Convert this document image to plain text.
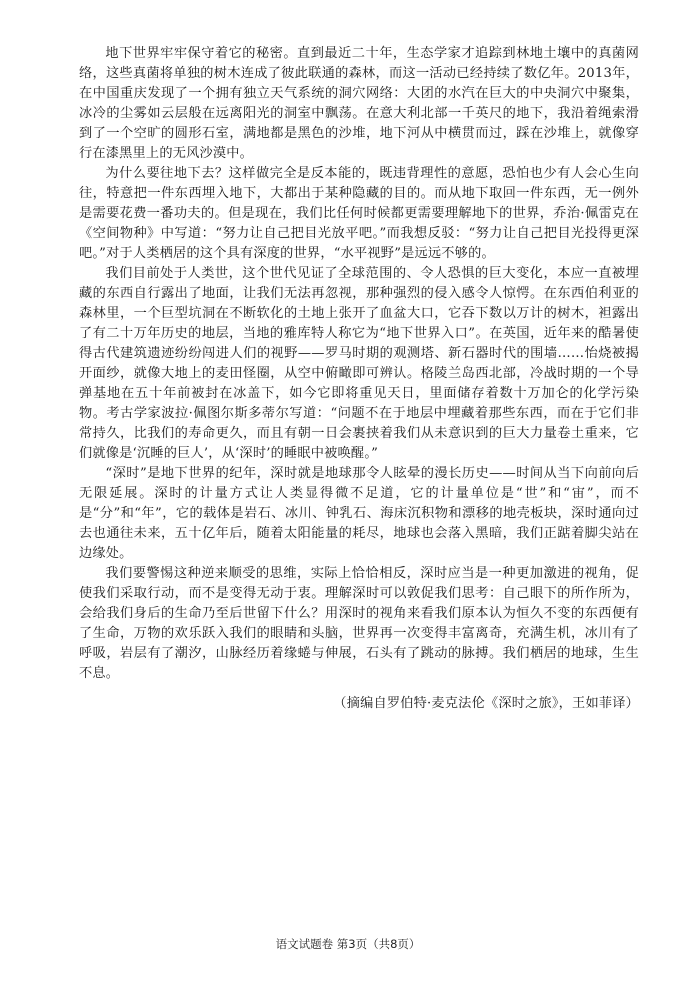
地下世界牢牢保守着它的秘密。直到最近二十年，生态学家才追踪到林地土壤中的真菌网络，这些真菌将单独的树木连成了彼此联通的森林，而这一活动已经持续了数亿年。2013年，在中国重庆发现了一个拥有独立天气系统的洞穴网络：大团的水汽在巨大的中央洞穴中聚集，冰冷的尘雾如云层般在远离阳光的洞室中飘荡。在意大利北部一千英尺的地下，我沿着绳索滑到了一个空旷的圆形石室，满地都是黑色的沙堆，地下河从中横贯而过，踩在沙堆上，就像穿行在漆黑里上的无风沙漠中。

为什么要往地下去？这样做完全是反本能的，既违背理性的意愿，恐怕也少有人会心生向往，特意把一件东西埋入地下，大都出于某种隐藏的目的。而从地下取回一件东西，无一例外是需要花费一番功夫的。但是现在，我们比任何时候都更需要理解地下的世界，乔治·佩雷克在《空间物种》中写道：“努力让自己把目光放平吧。”而我想反驳：“努力让自己把目光投得更深吧。”对于人类栖居的这个具有深度的世界，“水平视野”是远远不够的。

我们目前处于人类世，这个世代见证了全球范围的、令人恐惧的巨大变化，本应一直被埋藏的东西自行露出了地面，让我们无法再忽视，那种强烈的侵入感令人惊愕。在东西伯利亚的森林里，一个巨型坑洞在不断软化的土地上张开了血盆大口，它吞下数以万计的树木，袒露出了有二十万年历史的地层，当地的雅库特人称它为“地下世界入口”。在英国，近年来的酷暑使得古代建筑遗迹纷纷闯进人们的视野——罗马时期的观测塔、新石器时代的围墙……怡烧被揭开面纱，就像大地上的麦田怪圈，从空中俯瞰即可辨认。格陵兰岛西北部，冷战时期的一个导弹基地在五十年前被封在冰盖下，如今它即将重见天日，里面储存着数十万加仑的化学污染物。考古学家波拉·佩图尔斯多蒂尔写道：“问题不在于地层中埋藏着那些东西，而在于它们非常持久，比我们的寿命更久，而且有朝一日会裹挟着我们从未意识到的巨大力量卷土重来，它们就像是‘沉睡的巨人’，从‘深时’的睡眠中被唤醒。”

“深时”是地下世界的纪年，深时就是地球那令人眩晕的漫长历史——时间从当下向前向后无限延展。深时的计量方式让人类显得微不足道，它的计量单位是“世”和“宙”，而不是“分”和“年”，它的载体是岩石、冰川、钟乳石、海床沉积物和漂移的地壳板块，深时通向过去也通往未来，五十亿年后，随着太阳能量的耗尽，地球也会落入黑暗，我们正踮着脚尖站在边缘处。

我们要警惕这种逆来顺受的思维，实际上恰恰相反，深时应当是一种更加激进的视角，促使我们采取行动，而不是变得无动于衷。理解深时可以敦促我们思考：自己眼下的所作所为，会给我们身后的生命乃至后世留下什么？用深时的视角来看我们原本认为恒久不变的东西便有了生命，万物的欢乐跃入我们的眼睛和头脑，世界再一次变得丰富离奇，充满生机，冰川有了呼吸，岩层有了潮汐，山脉经历着缘蜷与伸展，石头有了跳动的脉搏。我们栖居的地球，生生不息。

（摘编自罗伯特·麦克法伦《深时之旅》，王如菲译）

语文试题卷 第3页（共8页）
